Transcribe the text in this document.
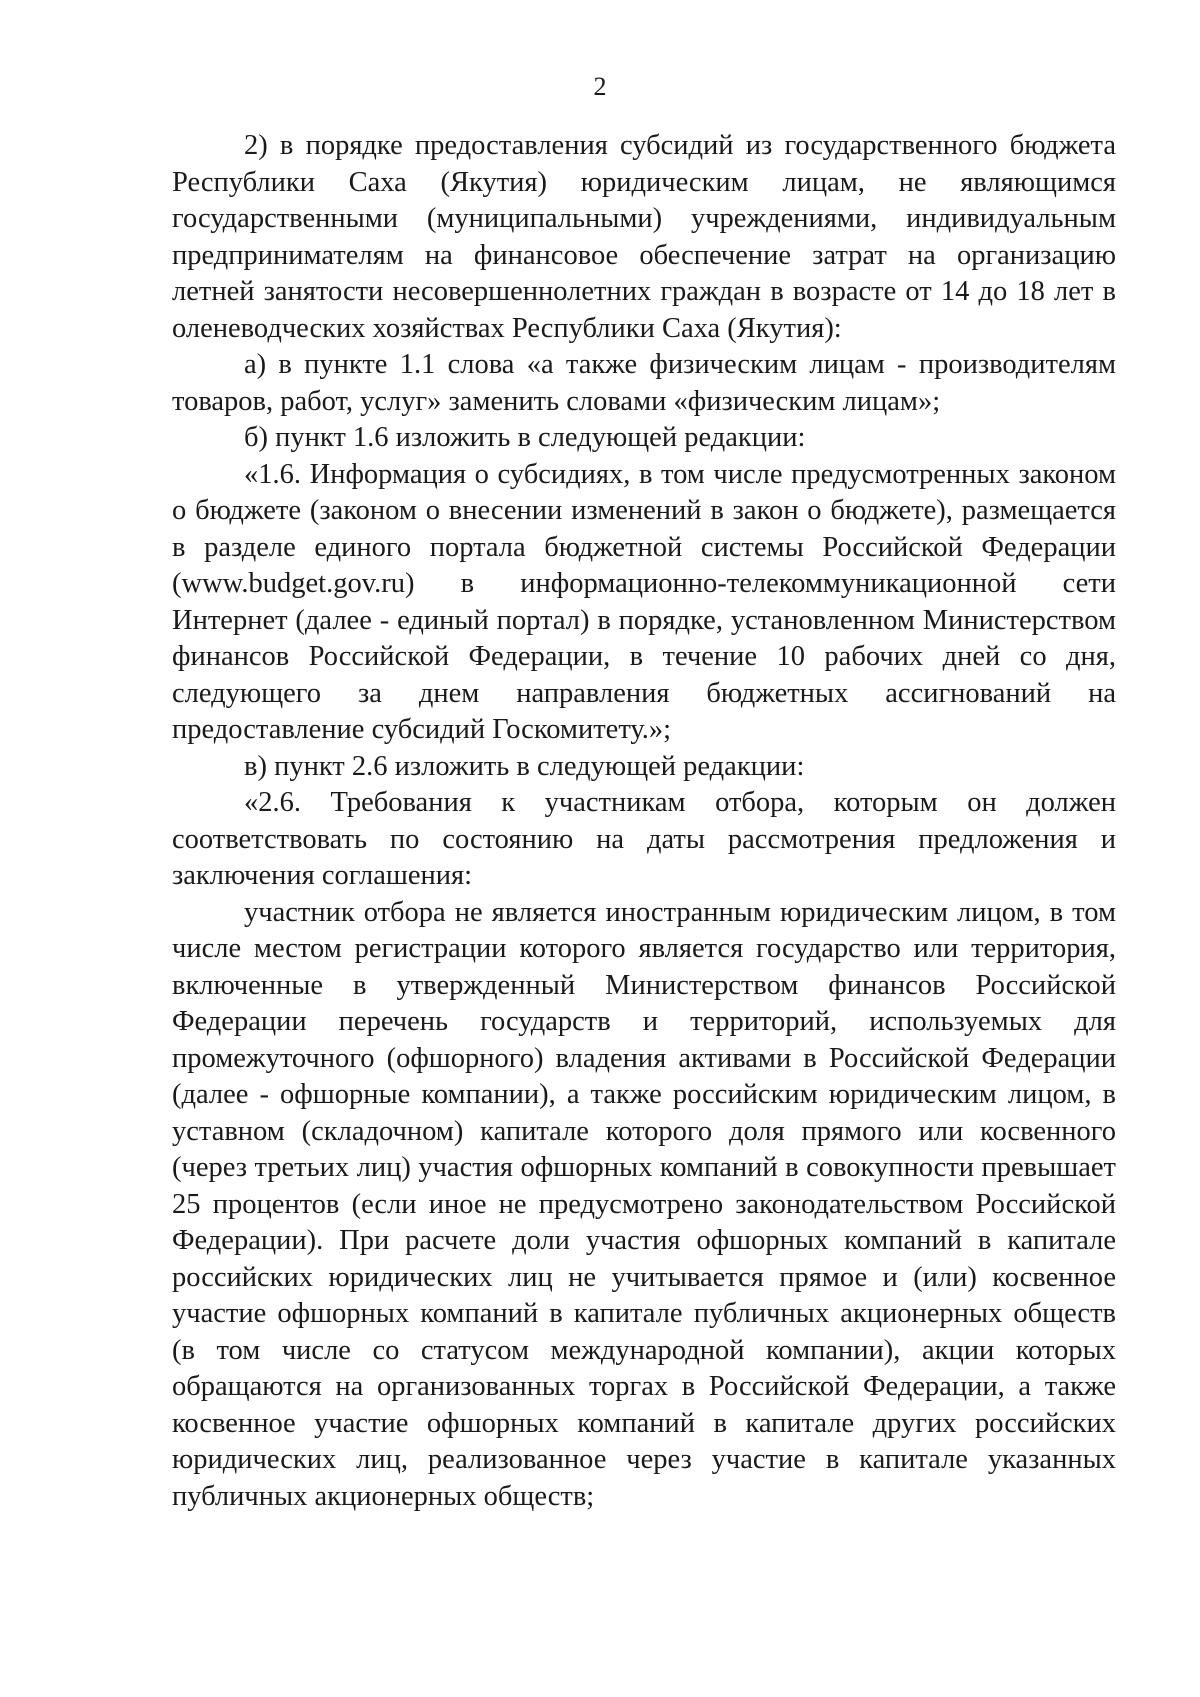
2

2) в порядке предоставления субсидий из государственного бюджета Республики Саха (Якутия) юридическим лицам, не являющимся государственными (муниципальными) учреждениями, индивидуальным предпринимателям на финансовое обеспечение затрат на организацию летней занятости несовершеннолетних граждан в возрасте от 14 до 18 лет в оленеводческих хозяйствах Республики Саха (Якутия):

а) в пункте 1.1 слова «а также физическим лицам - производителям товаров, работ, услуг» заменить словами «физическим лицам»;

б) пункт 1.6 изложить в следующей редакции:

«1.6. Информация о субсидиях, в том числе предусмотренных законом о бюджете (законом о внесении изменений в закон о бюджете), размещается в разделе единого портала бюджетной системы Российской Федерации (www.budget.gov.ru) в информационно-телекоммуникационной сети Интернет (далее - единый портал) в порядке, установленном Министерством финансов Российской Федерации, в течение 10 рабочих дней со дня, следующего за днем направления бюджетных ассигнований на предоставление субсидий Госкомитету.»;

в) пункт 2.6 изложить в следующей редакции:

«2.6. Требования к участникам отбора, которым он должен соответствовать по состоянию на даты рассмотрения предложения и заключения соглашения:

участник отбора не является иностранным юридическим лицом, в том числе местом регистрации которого является государство или территория, включенные в утвержденный Министерством финансов Российской Федерации перечень государств и территорий, используемых для промежуточного (офшорного) владения активами в Российской Федерации (далее - офшорные компании), а также российским юридическим лицом, в уставном (складочном) капитале которого доля прямого или косвенного (через третьих лиц) участия офшорных компаний в совокупности превышает 25 процентов (если иное не предусмотрено законодательством Российской Федерации). При расчете доли участия офшорных компаний в капитале российских юридических лиц не учитывается прямое и (или) косвенное участие офшорных компаний в капитале публичных акционерных обществ (в том числе со статусом международной компании), акции которых обращаются на организованных торгах в Российской Федерации, а также косвенное участие офшорных компаний в капитале других российских юридических лиц, реализованное через участие в капитале указанных публичных акционерных обществ;
